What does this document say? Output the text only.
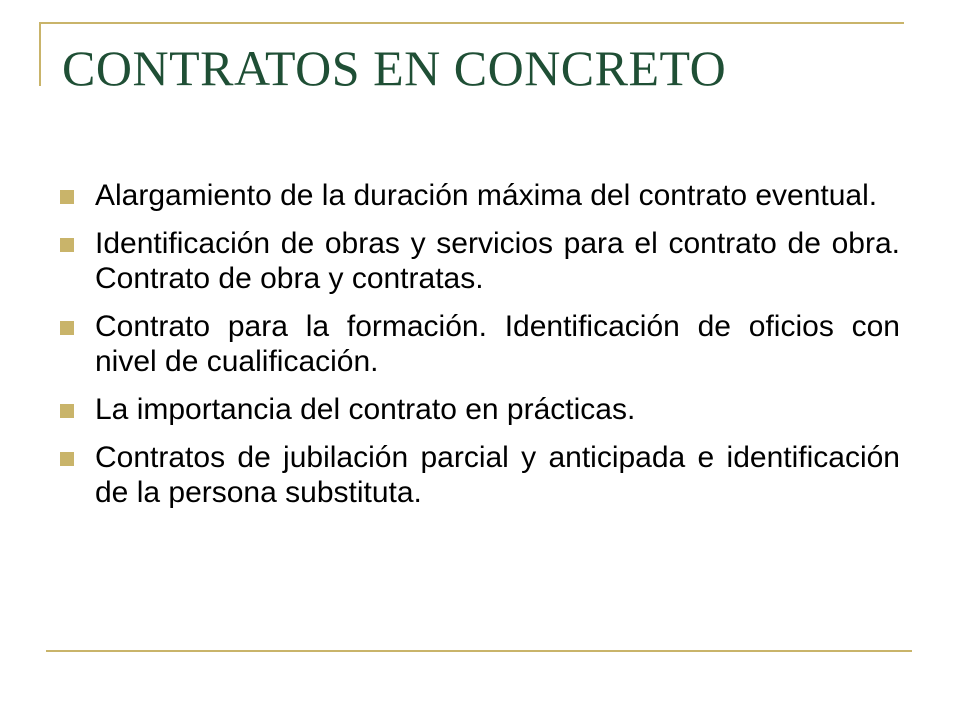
CONTRATOS EN CONCRETO
Alargamiento de la duración máxima del contrato eventual.
Identificación de obras y servicios para el contrato de obra. Contrato de obra y contratas.
Contrato para la formación. Identificación de oficios con nivel de cualificación.
La importancia del contrato en prácticas.
Contratos de jubilación parcial y anticipada e identificación de la persona substituta.
